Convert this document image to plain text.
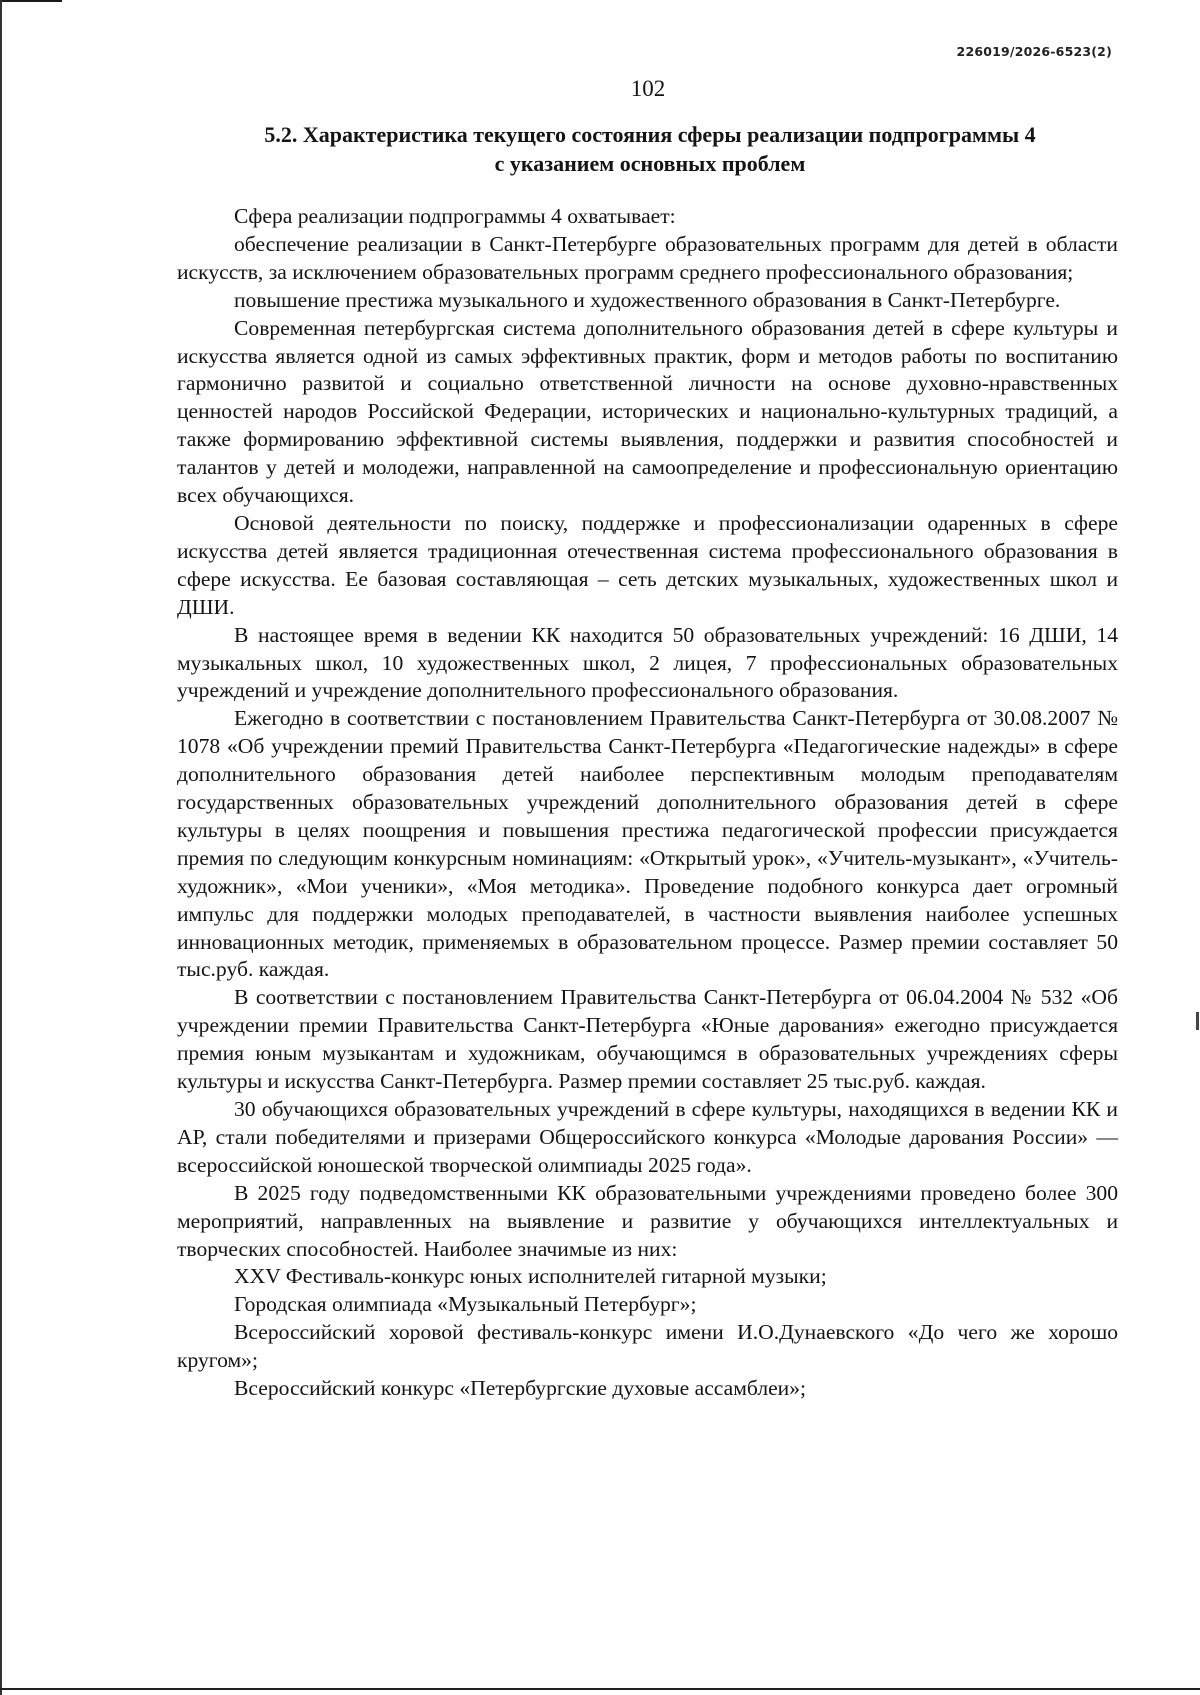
226019/2026-6523(2)
102
5.2. Характеристика текущего состояния сферы реализации подпрограммы 4
с указанием основных проблем

Сфера реализации подпрограммы 4 охватывает:

обеспечение реализации в Санкт-Петербурге образовательных программ для детей в области искусств, за исключением образовательных программ среднего профессионального образования;

повышение престижа музыкального и художественного образования в Санкт-Петербурге.

Современная петербургская система дополнительного образования детей в сфере культуры и искусства является одной из самых эффективных практик, форм и методов работы по воспитанию гармонично развитой и социально ответственной личности на основе духовно-нравственных ценностей народов Российской Федерации, исторических и национально-культурных традиций, а также формированию эффективной системы выявления, поддержки и развития способностей и талантов у детей и молодежи, направленной на самоопределение и профессиональную ориентацию всех обучающихся.

Основой деятельности по поиску, поддержке и профессионализации одаренных в сфере искусства детей является традиционная отечественная система профессионального образования в сфере искусства. Ее базовая составляющая – сеть детских музыкальных, художественных школ и ДШИ.

В настоящее время в ведении КК находится 50 образовательных учреждений: 16 ДШИ, 14 музыкальных школ, 10 художественных школ, 2 лицея, 7 профессиональных образовательных учреждений и учреждение дополнительного профессионального образования.

Ежегодно в соответствии с постановлением Правительства Санкт-Петербурга от 30.08.2007 № 1078 «Об учреждении премий Правительства Санкт-Петербурга «Педагогические надежды» в сфере дополнительного образования детей наиболее перспективным молодым преподавателям государственных образовательных учреждений дополнительного образования детей в сфере культуры в целях поощрения и повышения престижа педагогической профессии присуждается премия по следующим конкурсным номинациям: «Открытый урок», «Учитель-музыкант», «Учитель-художник», «Мои ученики», «Моя методика». Проведение подобного конкурса дает огромный импульс для поддержки молодых преподавателей, в частности выявления наиболее успешных инновационных методик, применяемых в образовательном процессе. Размер премии составляет 50 тыс.руб. каждая.

В соответствии с постановлением Правительства Санкт-Петербурга от 06.04.2004 № 532 «Об учреждении премии Правительства Санкт-Петербурга «Юные дарования» ежегодно присуждается премия юным музыкантам и художникам, обучающимся в образовательных учреждениях сферы культуры и искусства Санкт-Петербурга. Размер премии составляет 25 тыс.руб. каждая.

30 обучающихся образовательных учреждений в сфере культуры, находящихся в ведении КК и АР, стали победителями и призерами Общероссийского конкурса «Молодые дарования России» — всероссийской юношеской творческой олимпиады 2025 года».

В 2025 году подведомственными КК образовательными учреждениями проведено более 300 мероприятий, направленных на выявление и развитие у обучающихся интеллектуальных и творческих способностей. Наиболее значимые из них:

XXV Фестиваль-конкурс юных исполнителей гитарной музыки;

Городская олимпиада «Музыкальный Петербург»;

Всероссийский хоровой фестиваль-конкурс имени И.О.Дунаевского «До чего же хорошо кругом»;

Всероссийский конкурс «Петербургские духовые ассамблеи»;
